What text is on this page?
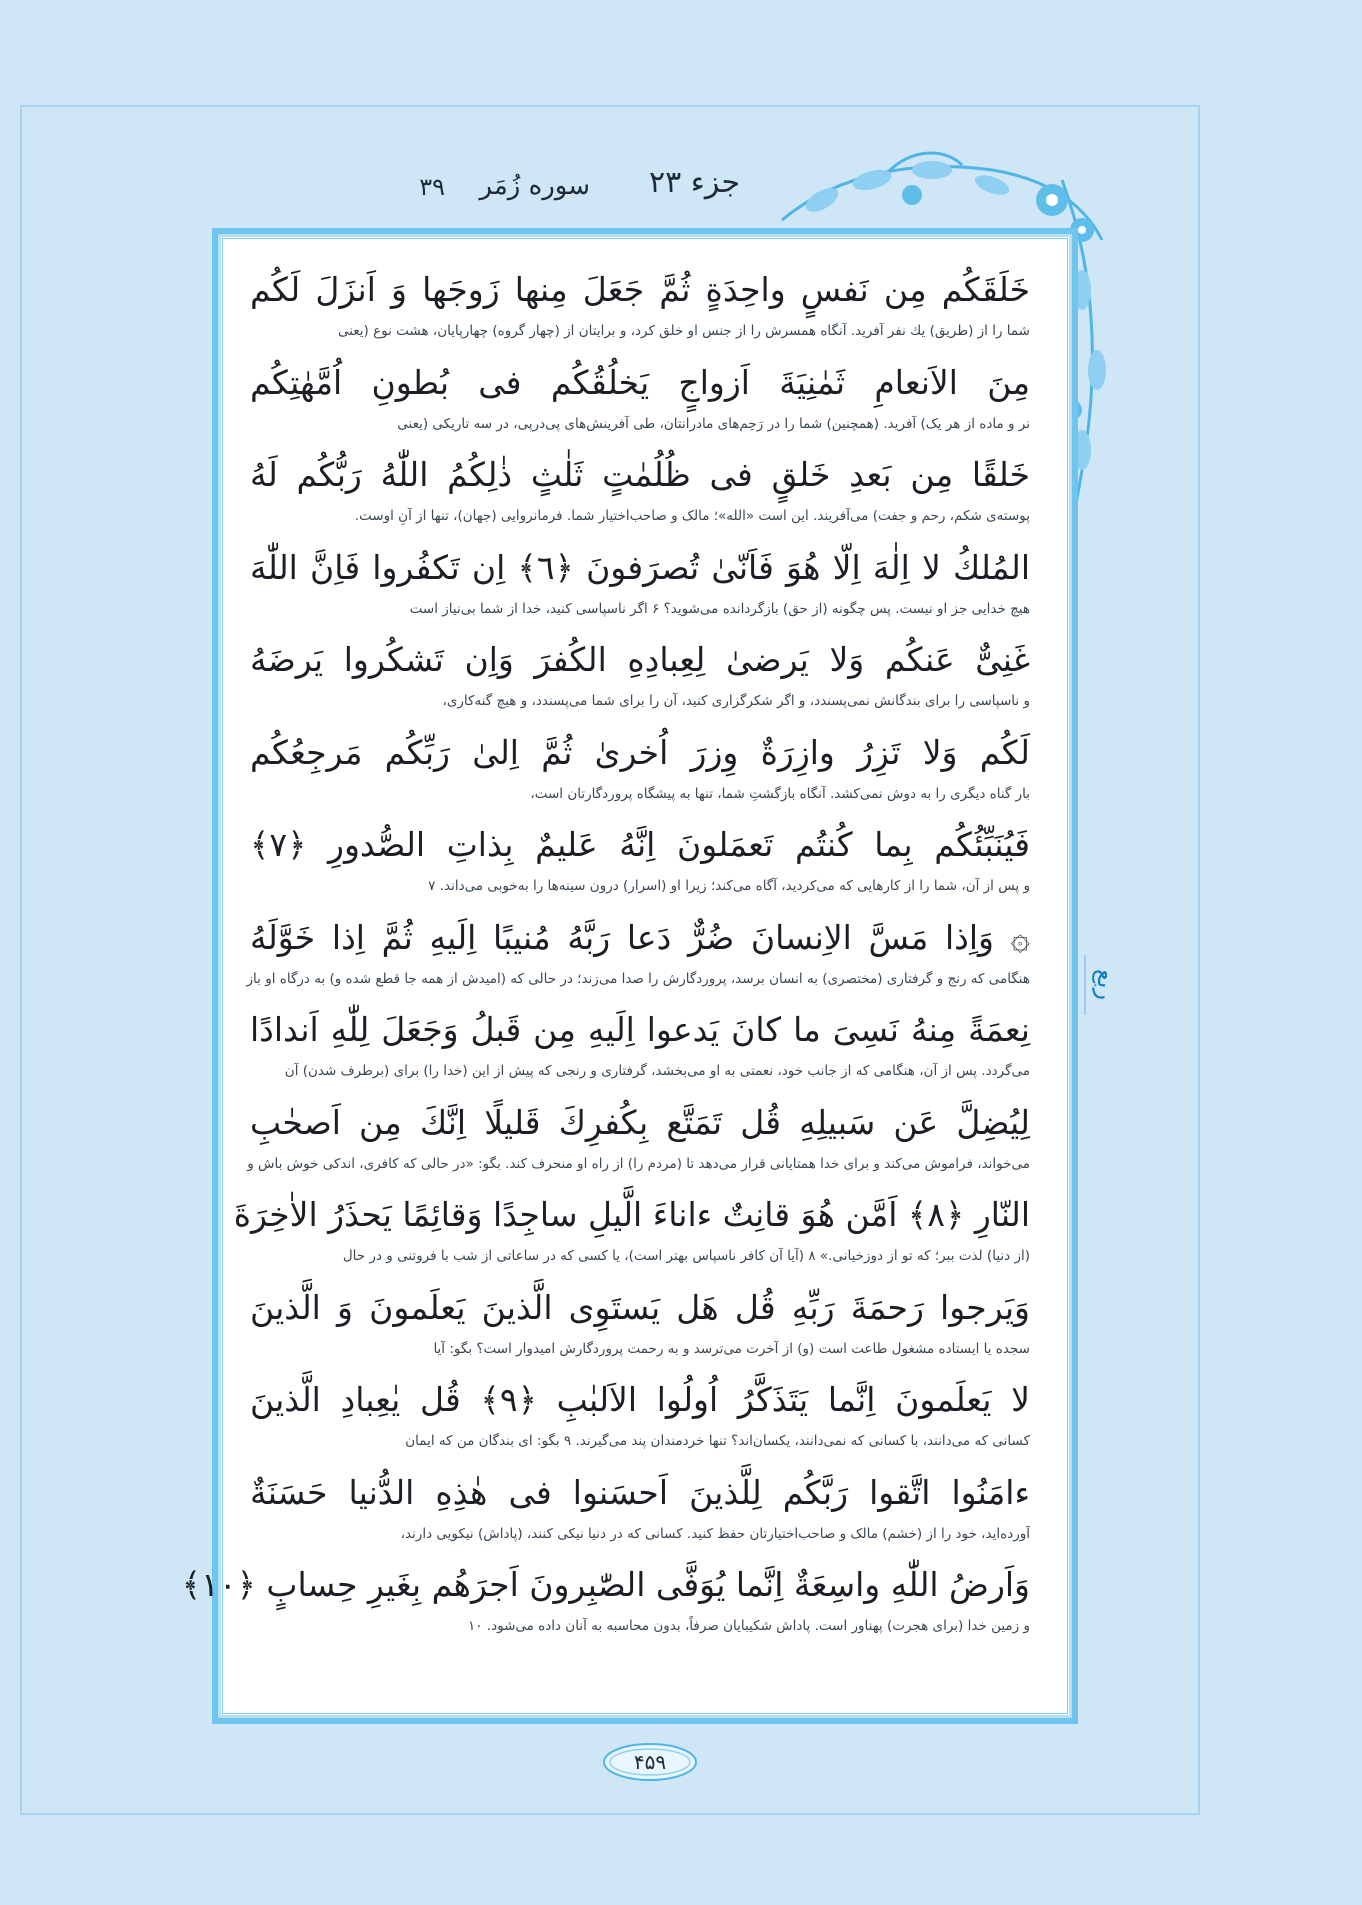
جزء ۲۳
سوره زُمَر
۳۹
ربع
خَلَقَكُم مِن نَفسٍ واحِدَةٍ ثُمَّ جَعَلَ مِنها زَوجَها وَ اَنزَلَ لَكُم
شما را از (طریق) یك نفر آفرید. آنگاه همسرش را از جنس او خلق کرد، و برایتان از (چهار گروه) چهارپایان، هشت نوع (یعنی
مِنَ الاَنعامِ ثَمٰنِيَةَ اَزواجٍ يَخلُقُكُم فى بُطونِ اُمَّهٰتِكُم
نر و ماده از هر یک) آفرید. (همچنین) شما را در رَحِم‌های مادرانتان، طی آفرینش‌های پی‌درپی، در سه تاریکی (یعنی
خَلقًا مِن بَعدِ خَلقٍ فى ظُلُمٰتٍ ثَلٰثٍ ذٰلِكُمُ اللّٰهُ رَبُّكُم لَهُ
پوسته‌ی شکم، رحم و جفت) می‌آفریند. این است «الله»؛ مالک و صاحب‌اختیار شما. فرمانروایی (جهان)، تنها از آنِ اوست.
المُلكُ لا اِلٰهَ اِلّا هُوَ فَاَنّىٰ تُصرَفونَ ﴿٦﴾ اِن تَكفُروا فَاِنَّ اللّٰهَ
هیچ خدایی جز او نیست. پس چگونه (از حق) بازگردانده می‌شوید؟ ۶ اگر ناسپاسی کنید، خدا از شما بی‌نیاز است
غَنِىٌّ عَنكُم وَلا يَرضىٰ لِعِبادِهِ الكُفرَ وَاِن تَشكُروا يَرضَهُ
و ناسپاسی را برای بندگانش نمی‌پسندد، و اگر شکرگزاری کنید، آن را برای شما می‌پسندد، و هیچ گنه‌کاری،
لَكُم وَلا تَزِرُ وازِرَةٌ وِزرَ اُخرىٰ ثُمَّ اِلىٰ رَبِّكُم مَرجِعُكُم
بار گناه دیگری را به دوش نمی‌کشد. آنگاه بازگشتِ شما، تنها به پیشگاه پروردگارتان است،
فَيُنَبِّئُكُم بِما كُنتُم تَعمَلونَ اِنَّهُ عَليمٌ بِذاتِ الصُّدورِ ﴿٧﴾
و پس از آن، شما را از کارهایی که می‌کردید، آگاه می‌کند؛ زیرا او (اسرار) درون سینه‌ها را به‌خوبی می‌داند. ۷
۞ وَاِذا مَسَّ الاِنسانَ ضُرٌّ دَعا رَبَّهُ مُنيبًا اِلَيهِ ثُمَّ اِذا خَوَّلَهُ
هنگامی که رنج و گرفتاری (مختصری) به انسان برسد، پروردگارش را صدا می‌زند؛ در حالی که (امیدش از همه جا قطع شده و) به درگاه او باز
نِعمَةً مِنهُ نَسِىَ ما كانَ يَدعوا اِلَيهِ مِن قَبلُ وَجَعَلَ لِلّٰهِ اَندادًا
می‌گردد. پس از آن، هنگامی که از جانب خود، نعمتی به او می‌بخشد، گرفتاری و رنجی که پیش از این (خدا را) برای (برطرف شدن) آن
لِيُضِلَّ عَن سَبيلِهِ قُل تَمَتَّع بِكُفرِكَ قَليلًا اِنَّكَ مِن اَصحٰبِ
می‌خواند، فراموش می‌کند و برای خدا همتایانی قرار می‌دهد تا (مردم را) از راه او منحرف کند. بگو: «در حالی که کافری، اندکی خوش باش و
النّارِ ﴿٨﴾ اَمَّن هُوَ قانِتٌ ءاناءَ الَّيلِ ساجِدًا وَقائِمًا يَحذَرُ الاٰخِرَةَ
(از دنیا) لذت ببر؛ که تو از دوزخیانی.» ۸ (آیا آن کافر ناسپاس بهتر است)، یا کسی که در ساعاتی از شب با فروتنی و در حال
وَيَرجوا رَحمَةَ رَبِّهِ قُل هَل يَستَوِى الَّذينَ يَعلَمونَ وَ الَّذينَ
سجده یا ایستاده مشغول طاعت است (و) از آخرت می‌ترسد و به رحمت پروردگارش امیدوار است؟ بگو: آیا
لا يَعلَمونَ اِنَّما يَتَذَكَّرُ اُولُوا الاَلبٰبِ ﴿٩﴾ قُل يٰعِبادِ الَّذينَ
کسانی که می‌دانند، با کسانی که نمی‌دانند، یکسان‌اند؟ تنها خردمندان پند می‌گیرند. ۹ بگو: ای بندگان من که ایمان
ءامَنُوا اتَّقوا رَبَّكُم لِلَّذينَ اَحسَنوا فى هٰذِهِ الدُّنيا حَسَنَةٌ
آورده‌اید، خود را از (خشم) مالک و صاحب‌اختیارتان حفظ کنید. کسانی که در دنیا نیکی کنند، (پاداش) نیکویی دارند،
وَاَرضُ اللّٰهِ واسِعَةٌ اِنَّما يُوَفَّى الصّٰبِرونَ اَجرَهُم بِغَيرِ حِسابٍ ﴿١٠﴾
و زمین خدا (برای هجرت) پهناور است. پاداش شکیبایان صرفاً، بدون محاسبه به آنان داده می‌شود. ۱۰
۴۵۹
